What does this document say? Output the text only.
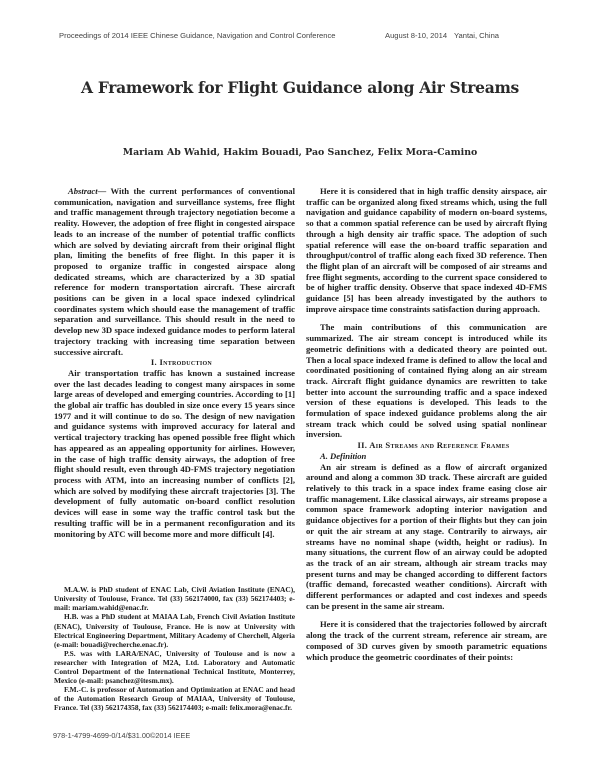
Proceedings of 2014 IEEE Chinese Guidance, Navigation and Control Conference	August 8-10, 2014 Yantai, China
A Framework for Flight Guidance along Air Streams
Mariam Ab Wahid, Hakim Bouadi, Pao Sanchez, Felix Mora-Camino

Abstract— With the current performances of conventional communication, navigation and surveillance systems, free flight and traffic management through trajectory negotiation become a reality. However, the adoption of free flight in congested airspace leads to an increase of the number of potential traffic conflicts which are solved by deviating aircraft from their original flight plan, limiting the benefits of free flight. In this paper it is proposed to organize traffic in congested airspace along dedicated streams, which are characterized by a 3D spatial reference for modern transportation aircraft. These aircraft positions can be given in a local space indexed cylindrical coordinates system which should ease the management of traffic separation and surveillance. This should result in the need to develop new 3D space indexed guidance modes to perform lateral trajectory tracking with increasing time separation between successive aircraft.

I. Introduction

Air transportation traffic has known a sustained increase over the last decades leading to congest many airspaces in some large areas of developed and emerging countries. According to [1] the global air traffic has doubled in size once every 15 years since 1977 and it will continue to do so. The design of new navigation and guidance systems with improved accuracy for lateral and vertical trajectory tracking has opened possible free flight which has appeared as an appealing opportunity for airlines. However, in the case of high traffic density airways, the adoption of free flight should result, even through 4D-FMS trajectory negotiation process with ATM, into an increasing number of conflicts [2], which are solved by modifying these aircraft trajectories [3]. The development of fully automatic on-board conflict resolution devices will ease in some way the traffic control task but the resulting traffic will be in a permanent reconfiguration and its monitoring by ATC will become more and more difficult [4].

M.A.W. is PhD student of ENAC Lab, Civil Aviation Institute (ENAC), University of Toulouse, France. Tel (33) 562174000, fax (33) 562174403; e-mail: mariam.wahid@enac.fr.

H.B. was a PhD student at MAIAA Lab, French Civil Aviation Institute (ENAC), University of Toulouse, France. He is now at University with Electrical Engineering Department, Military Academy of Cherchell, Algeria (e-mail: bouadi@recherche.enac.fr).

P.S. was with LARA/ENAC, University of Toulouse and is now a researcher with Integration of M2A, Ltd. Laboratory and Automatic Control Department of the International Technical Institute, Monterrey, Mexico (e-mail: psanchez@itesm.mx).

F.M.-C. is professor of Automation and Optimization at ENAC and head of the Automation Research Group of MAIAA, University of Toulouse, France. Tel (33) 562174358, fax (33) 562174403; e-mail: felix.mora@enac.fr.

Here it is considered that in high traffic density airspace, air traffic can be organized along fixed streams which, using the full navigation and guidance capability of modern on-board systems, so that a common spatial reference can be used by aircraft flying through a high density air traffic space. The adoption of such spatial reference will ease the on-board traffic separation and throughput/control of traffic along each fixed 3D reference. Then the flight plan of an aircraft will be composed of air streams and free flight segments, according to the current space considered to be of higher traffic density. Observe that space indexed 4D-FMS guidance [5] has been already investigated by the authors to improve airspace time constraints satisfaction during approach.

The main contributions of this communication are summarized. The air stream concept is introduced while its geometric definitions with a dedicated theory are pointed out. Then a local space indexed frame is defined to allow the local and coordinated positioning of contained flying along an air stream track. Aircraft flight guidance dynamics are rewritten to take better into account the surrounding traffic and a space indexed version of these equations is developed. This leads to the formulation of space indexed guidance problems along the air stream track which could be solved using spatial nonlinear inversion.

II. Air Streams and Reference Frames

A. Definition

An air stream is defined as a flow of aircraft organized around and along a common 3D track. These aircraft are guided relatively to this track in a space index frame easing close air traffic management. Like classical airways, air streams propose a common space framework adopting interior navigation and guidance objectives for a portion of their flights but they can join or quit the air stream at any stage. Contrarily to airways, air streams have no nominal shape (width, height or radius). In many situations, the current flow of an airway could be adopted as the track of an air stream, although air stream tracks may present turns and may be changed according to different factors (traffic demand, forecasted weather conditions). Aircraft with different performances or adapted and cost indexes and speeds can be present in the same air stream.

Here it is considered that the trajectories followed by aircraft along the track of the current stream, reference air stream, are composed of 3D curves given by smooth parametric equations which produce the geometric coordinates of their points:

978-1-4799-4699-0/14/$31.00©2014 IEEE
